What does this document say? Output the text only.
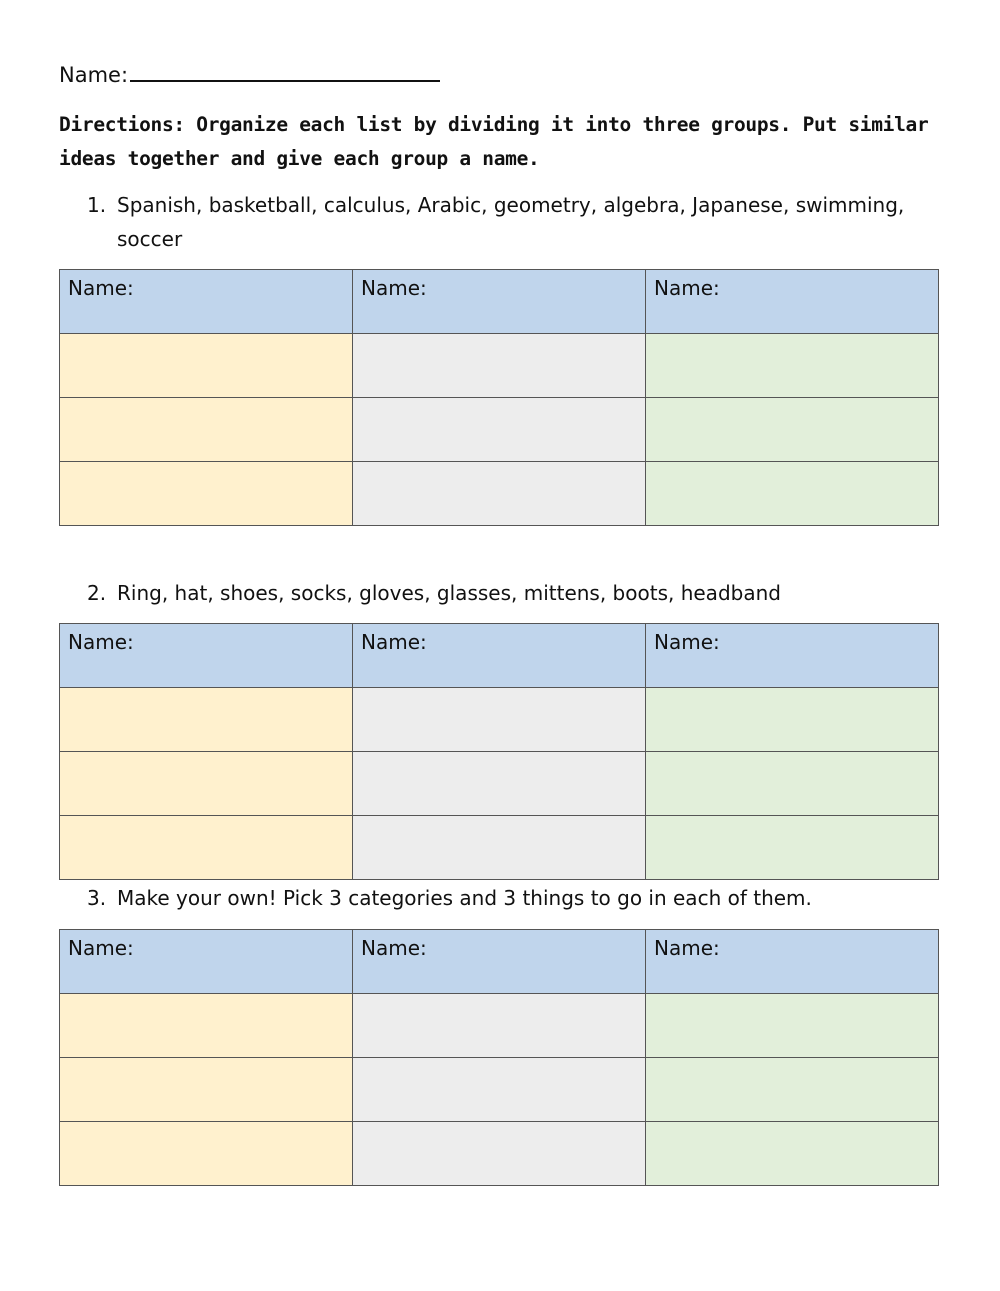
Name:
Directions: Organize each list by dividing it into three groups. Put similar ideas together and give each group a name.
1. Spanish, basketball, calculus, Arabic, geometry, algebra, Japanese, swimming, soccer
Name:	Name:	Name:

2. Ring, hat, shoes, socks, gloves, glasses, mittens, boots, headband
Name:	Name:	Name:

3. Make your own! Pick 3 categories and 3 things to go in each of them.
Name:	Name:	Name:
